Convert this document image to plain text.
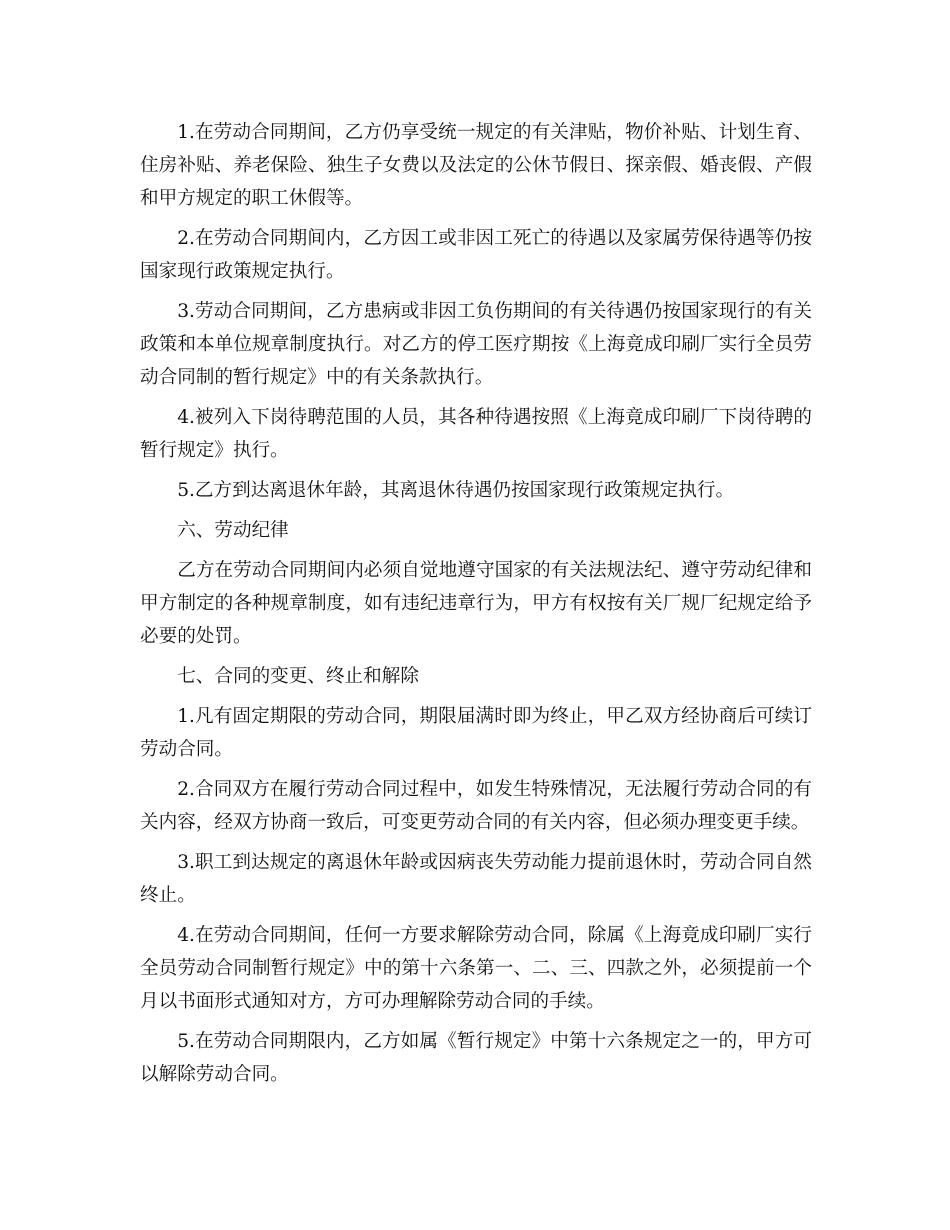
1.在劳动合同期间，乙方仍享受统一规定的有关津贴，物价补贴、计划生育、住房补贴、养老保险、独生子女费以及法定的公休节假日、探亲假、婚丧假、产假和甲方规定的职工休假等。

2.在劳动合同期间内，乙方因工或非因工死亡的待遇以及家属劳保待遇等仍按国家现行政策规定执行。

3.劳动合同期间，乙方患病或非因工负伤期间的有关待遇仍按国家现行的有关政策和本单位规章制度执行。对乙方的停工医疗期按《上海竟成印刷厂实行全员劳动合同制的暂行规定》中的有关条款执行。

4.被列入下岗待聘范围的人员，其各种待遇按照《上海竟成印刷厂下岗待聘的暂行规定》执行。

5.乙方到达离退休年龄，其离退休待遇仍按国家现行政策规定执行。

六、劳动纪律

乙方在劳动合同期间内必须自觉地遵守国家的有关法规法纪、遵守劳动纪律和甲方制定的各种规章制度，如有违纪违章行为，甲方有权按有关厂规厂纪规定给予必要的处罚。

七、合同的变更、终止和解除

1.凡有固定期限的劳动合同，期限届满时即为终止，甲乙双方经协商后可续订劳动合同。

2.合同双方在履行劳动合同过程中，如发生特殊情况，无法履行劳动合同的有关内容，经双方协商一致后，可变更劳动合同的有关内容，但必须办理变更手续。

3.职工到达规定的离退休年龄或因病丧失劳动能力提前退休时，劳动合同自然终止。

4.在劳动合同期间，任何一方要求解除劳动合同，除属《上海竟成印刷厂实行全员劳动合同制暂行规定》中的第十六条第一、二、三、四款之外，必须提前一个月以书面形式通知对方，方可办理解除劳动合同的手续。

5.在劳动合同期限内，乙方如属《暂行规定》中第十六条规定之一的，甲方可以解除劳动合同。
